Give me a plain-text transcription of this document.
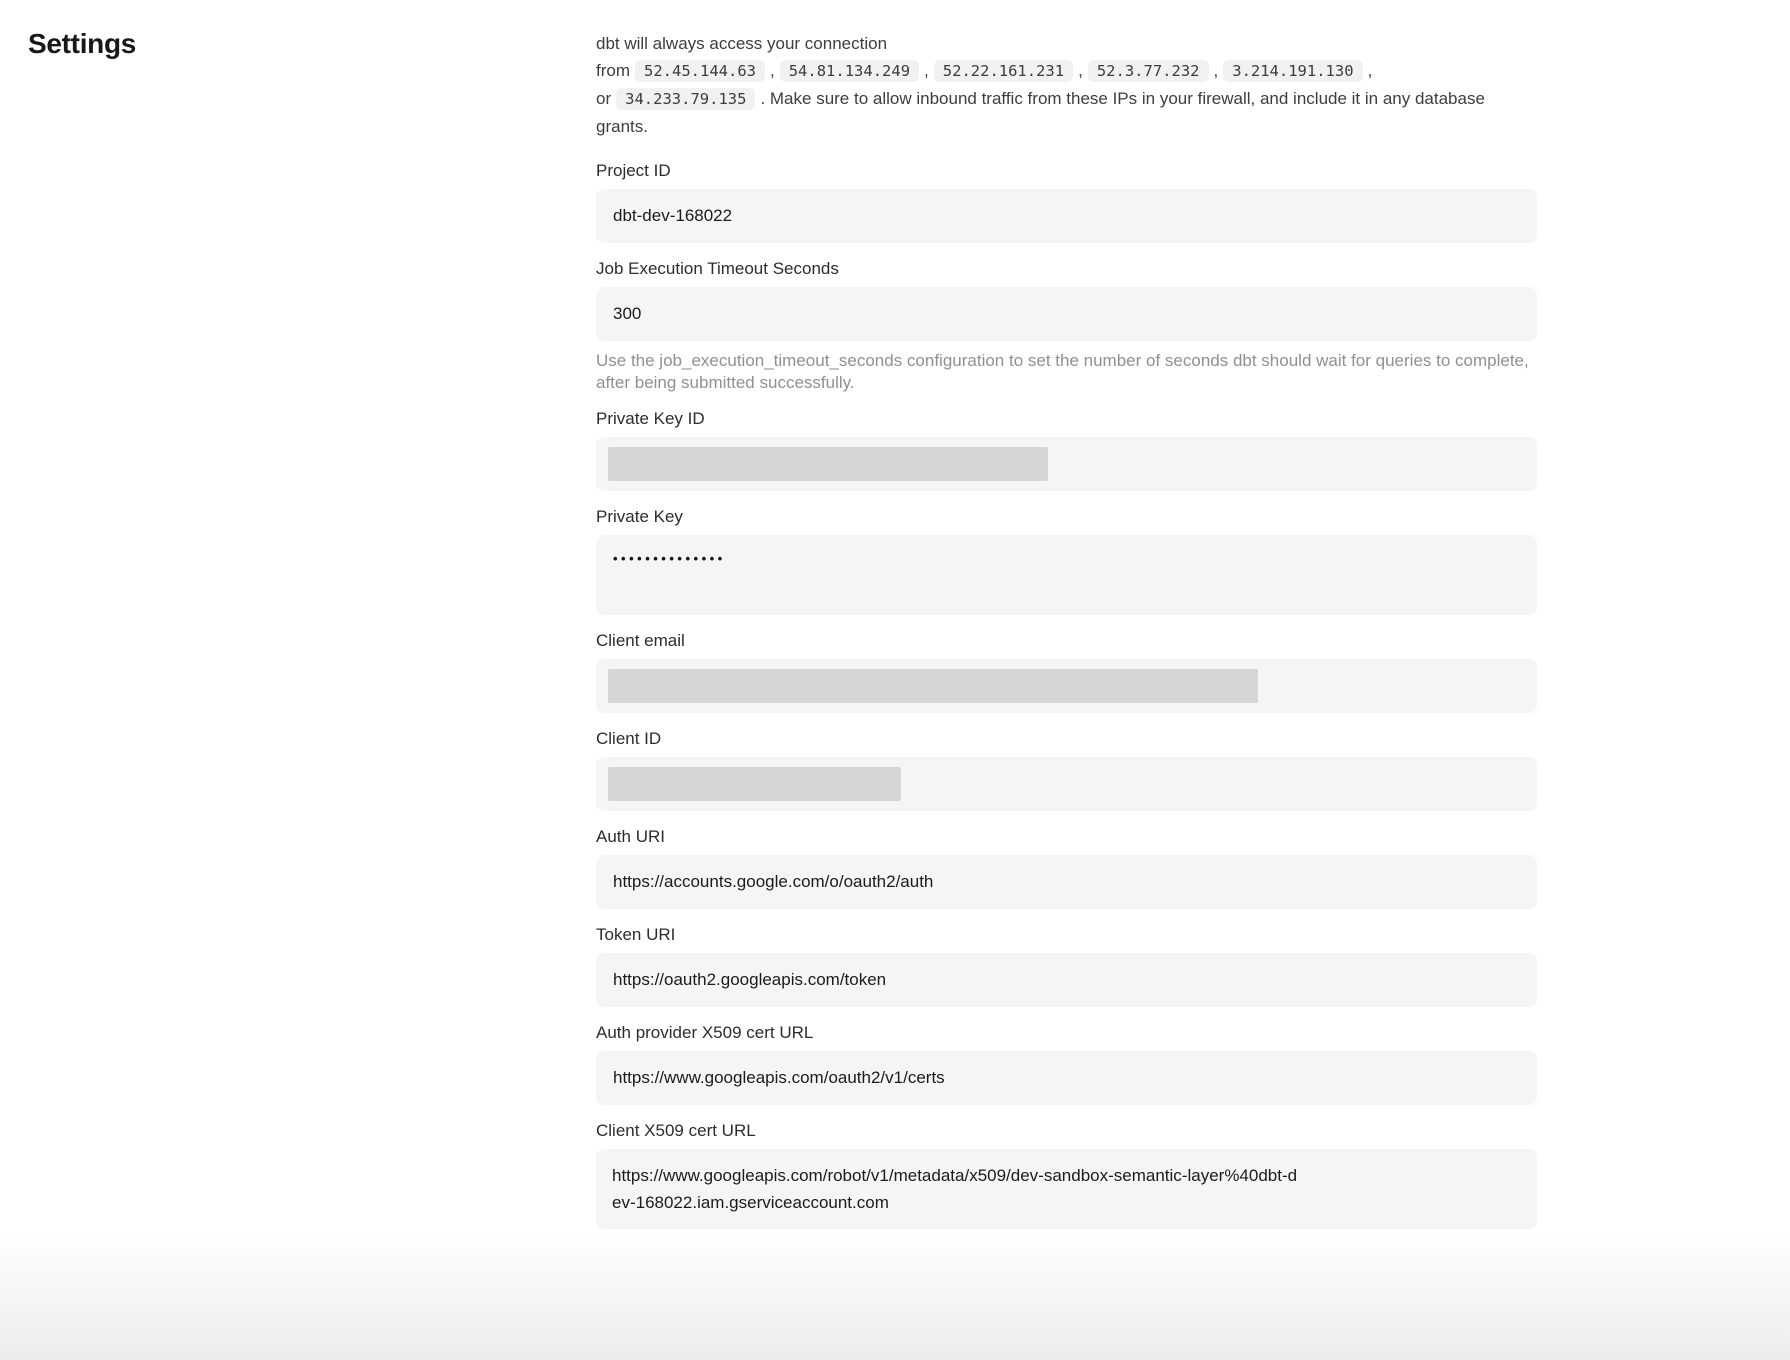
Settings	dbt will always access your connection from 52.45.144.63 , 54.81.134.249 , 52.22.161.231 , 52.3.77.232 , 3.214.191.130 , or 34.233.79.135 . Make sure to allow inbound traffic from these IPs in your firewall, and include it in any database grants.

Project ID
dbt-dev-168022
Job Execution Timeout Seconds
300

Use the job_execution_timeout_seconds configuration to set the number of seconds dbt should wait for queries to complete, after being submitted successfully.

Private Key ID
Private Key
••••••••••••••
Client email
Client ID
Auth URI
https://accounts.google.com/o/oauth2/auth
Token URI
https://oauth2.googleapis.com/token
Auth provider X509 cert URL
https://www.googleapis.com/oauth2/v1/certs
Client X509 cert URL
https://www.googleapis.com/robot/v1/metadata/x509/dev-sandbox-semantic-layer%40dbt-dev-168022.iam.gserviceaccount.com
